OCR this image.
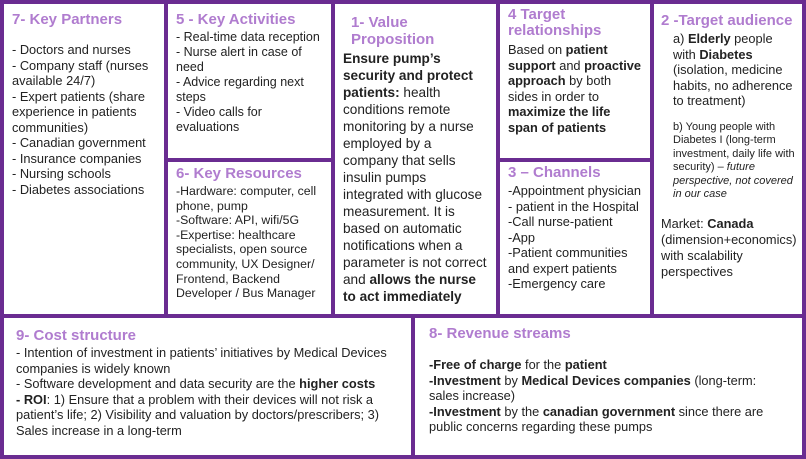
7- Key Partners
- Doctors and nurses
- Company staff (nurses available 24/7)
- Expert patients (share experience in patients communities)
- Canadian government
- Insurance companies
- Nursing schools
- Diabetes associations
5 - Key Activities
- Real-time data reception
- Nurse alert in case of need
- Advice regarding next steps
- Video calls for evaluations
6- Key Resources
-Hardware: computer, cell phone, pump
-Software: API, wifi/5G
-Expertise: healthcare specialists, open source community, UX Designer/ Frontend, Backend Developer / Bus Manager
1- Value Proposition
Ensure pump’s security and protect patients: health conditions remote monitoring by a nurse employed by a company that sells insulin pumps integrated with glucose measurement. It is based on automatic notifications when a parameter is not correct and allows the nurse to act immediately
4 Target relationships
Based on patient support and proactive approach by both sides in order to maximize the life span of patients
3 – Channels
-Appointment physician - patient in the Hospital
-Call nurse-patient
-App
-Patient communities and expert patients
-Emergency care
2 -Target audience
a) Elderly people with Diabetes (isolation, medicine habits, no adherence to treatment)
b) Young people with Diabetes I (long-term investment, daily life with security) – future perspective, not covered in our case
Market: Canada (dimension+economics) with scalability perspectives
9- Cost structure
- Intention of investment in patients’ initiatives by Medical Devices companies is widely known
- Software development and data security are the higher costs
- ROI: 1) Ensure that a problem with their devices will not risk a patient’s life; 2) Visibility and valuation by doctors/prescribers; 3) Sales increase in a long-term
8- Revenue streams
-Free of charge for the patient
-Investment by Medical Devices companies (long-term: sales increase)
-Investment by the canadian government since there are public concerns regarding these pumps
